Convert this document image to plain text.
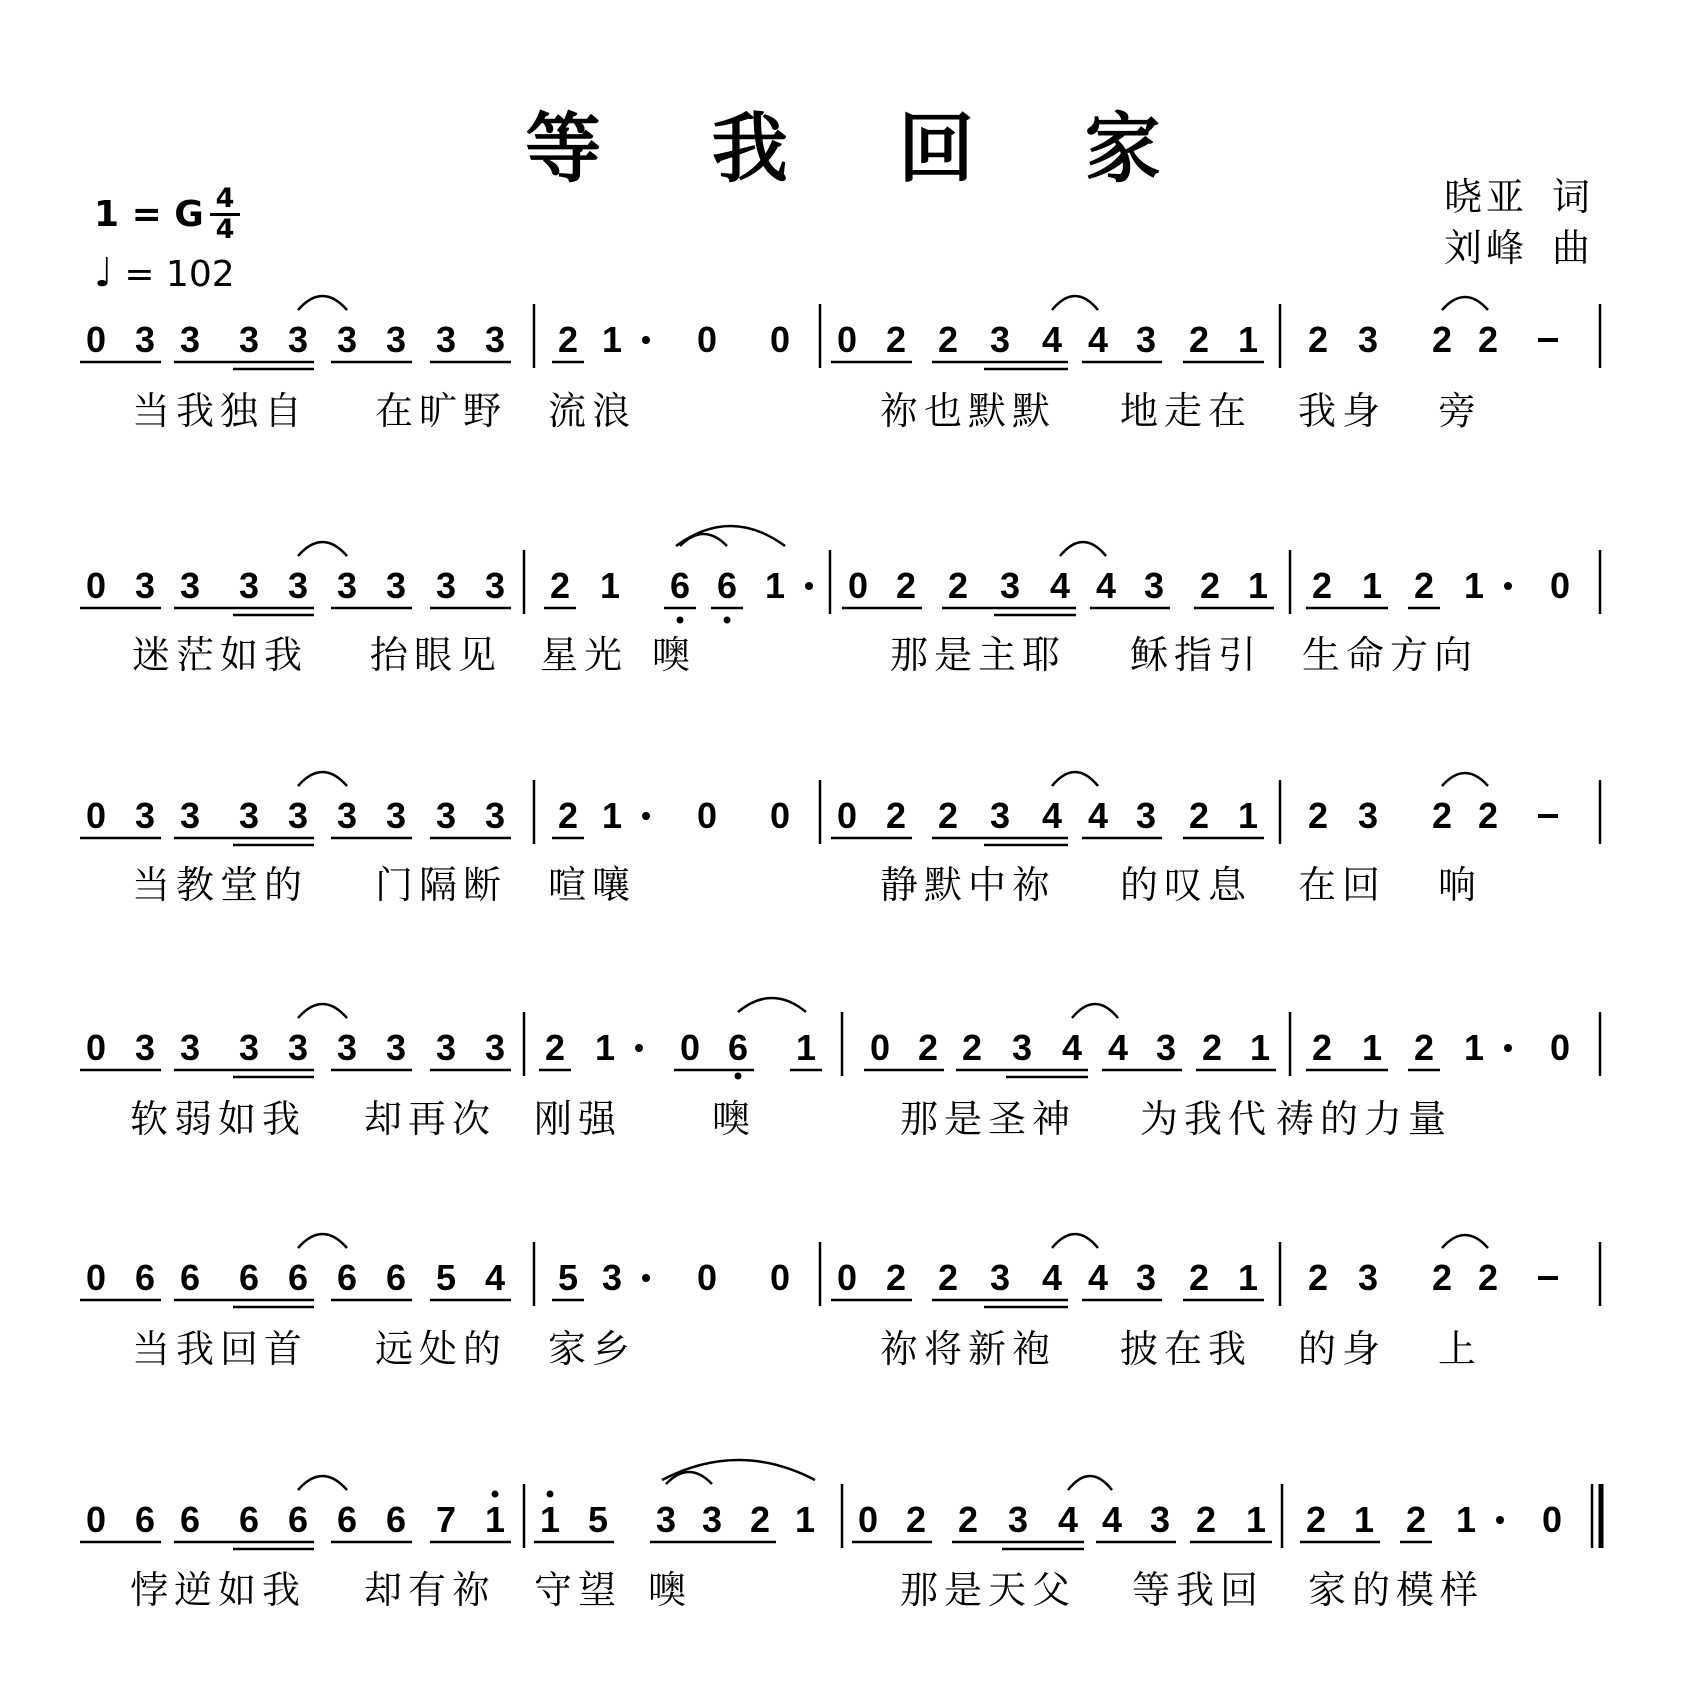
等 我 回 家
1 = G $\frac{4}{4}$
♩ = 102
晓亚 词
刘峰 曲
0 3 3 3 3 3 3 3 3 2 1 0 0 0 2 2 3 4 4 3 2 1 2 3 2 2
当我独自 在旷野 流浪	祢也默默 地走在 我身 旁
0 3 3 3 3 3 3 3 3 2 1 6 6 1 0 2 2 3 4 4 3 2 1 2 1 2 1 0
迷茫如我 抬眼见 星光 噢	那是主耶 稣指引 生命方向
0 3 3 3 3 3 3 3 3 2 1 0 0 0 2 2 3 4 4 3 2 1 2 3 2 2
当教堂的 门隔断 喧嚷	静默中祢 的叹息 在回 响
0 3 3 3 3 3 3 3 3 2 1 0 6 1 0 2 2 3 4 4 3 2 1 2 1 2 1 0
软弱如我 却再次 刚强 噢	那是圣神 为我代 祷的力量
0 6 6 6 6 6 6 5 4 5 3 0 0 0 2 2 3 4 4 3 2 1 2 3 2 2
当我回首 远处的 家乡	祢将新袍 披在我 的身 上
0 6 6 6 6 6 6 7 1 1 5 3 3 2 1 0 2 2 3 4 4 3 2 1 2 1 2 1 0
悖逆如我 却有祢 守望 噢	那是天父 等我回 家的模样
